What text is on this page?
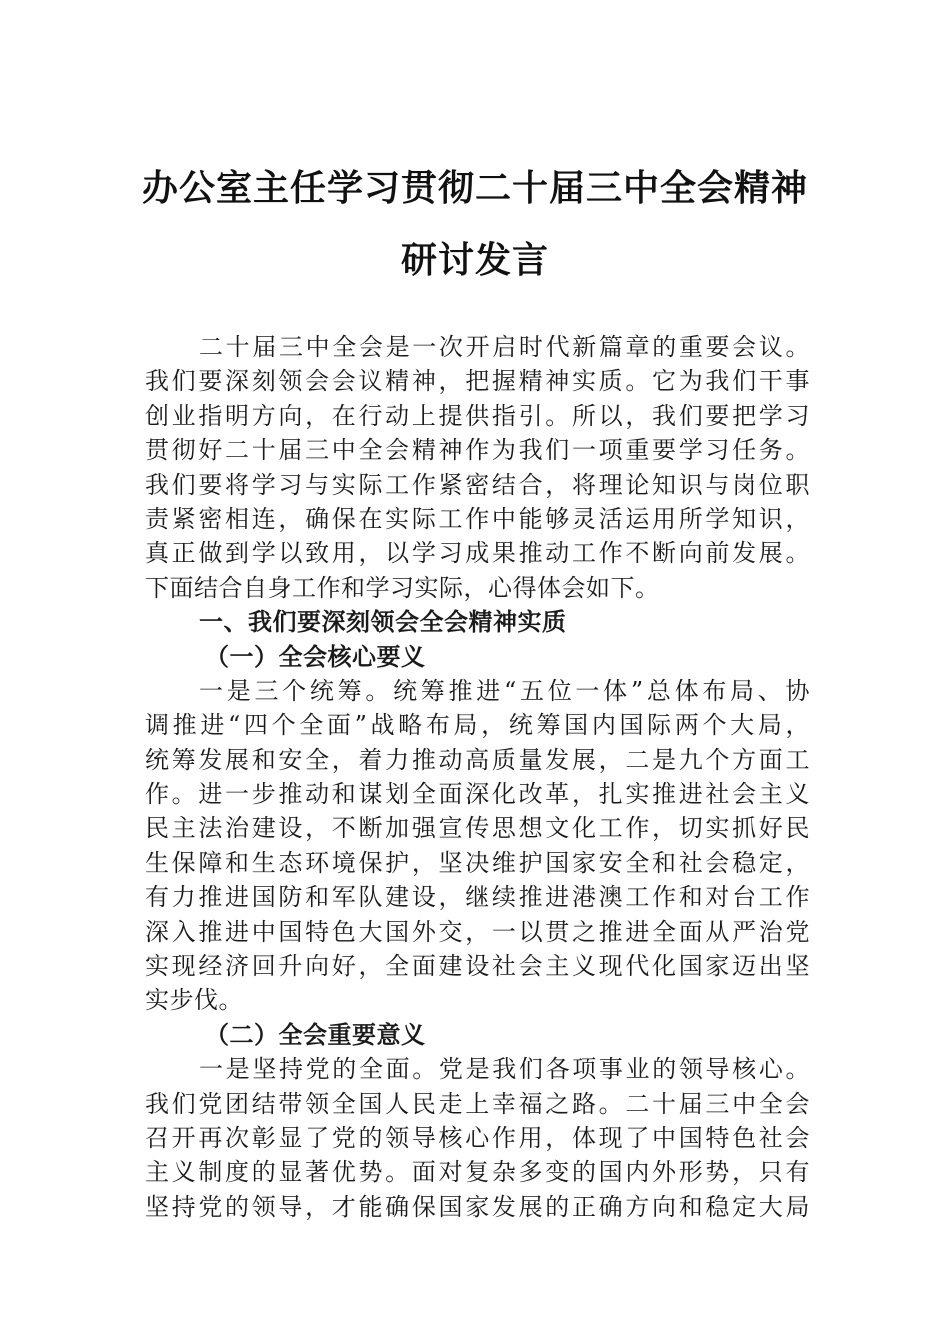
办公室主任学习贯彻二十届三中全会精神
研讨发言
二十届三中全会是一次开启时代新篇章的重要会议。
我们要深刻领会会议精神，把握精神实质。它为我们干事
创业指明方向，在行动上提供指引。所以，我们要把学习
贯彻好二十届三中全会精神作为我们一项重要学习任务。
我们要将学习与实际工作紧密结合，将理论知识与岗位职
责紧密相连，确保在实际工作中能够灵活运用所学知识，
真正做到学以致用，以学习成果推动工作不断向前发展。
下面结合自身工作和学习实际，心得体会如下。
一、我们要深刻领会全会精神实质
（一）全会核心要义
一是三个统筹。统筹推进“五位一体”总体布局、协
调推进“四个全面”战略布局，统筹国内国际两个大局，
统筹发展和安全，着力推动高质量发展，二是九个方面工
作。进一步推动和谋划全面深化改革，扎实推进社会主义
民主法治建设，不断加强宣传思想文化工作，切实抓好民
生保障和生态环境保护，坚决维护国家安全和社会稳定，
有力推进国防和军队建设，继续推进港澳工作和对台工作
深入推进中国特色大国外交，一以贯之推进全面从严治党
实现经济回升向好，全面建设社会主义现代化国家迈出坚
实步伐。
（二）全会重要意义
一是坚持党的全面。党是我们各项事业的领导核心。
我们党团结带领全国人民走上幸福之路。二十届三中全会
召开再次彰显了党的领导核心作用，体现了中国特色社会
主义制度的显著优势。面对复杂多变的国内外形势，只有
坚持党的领导，才能确保国家发展的正确方向和稳定大局
